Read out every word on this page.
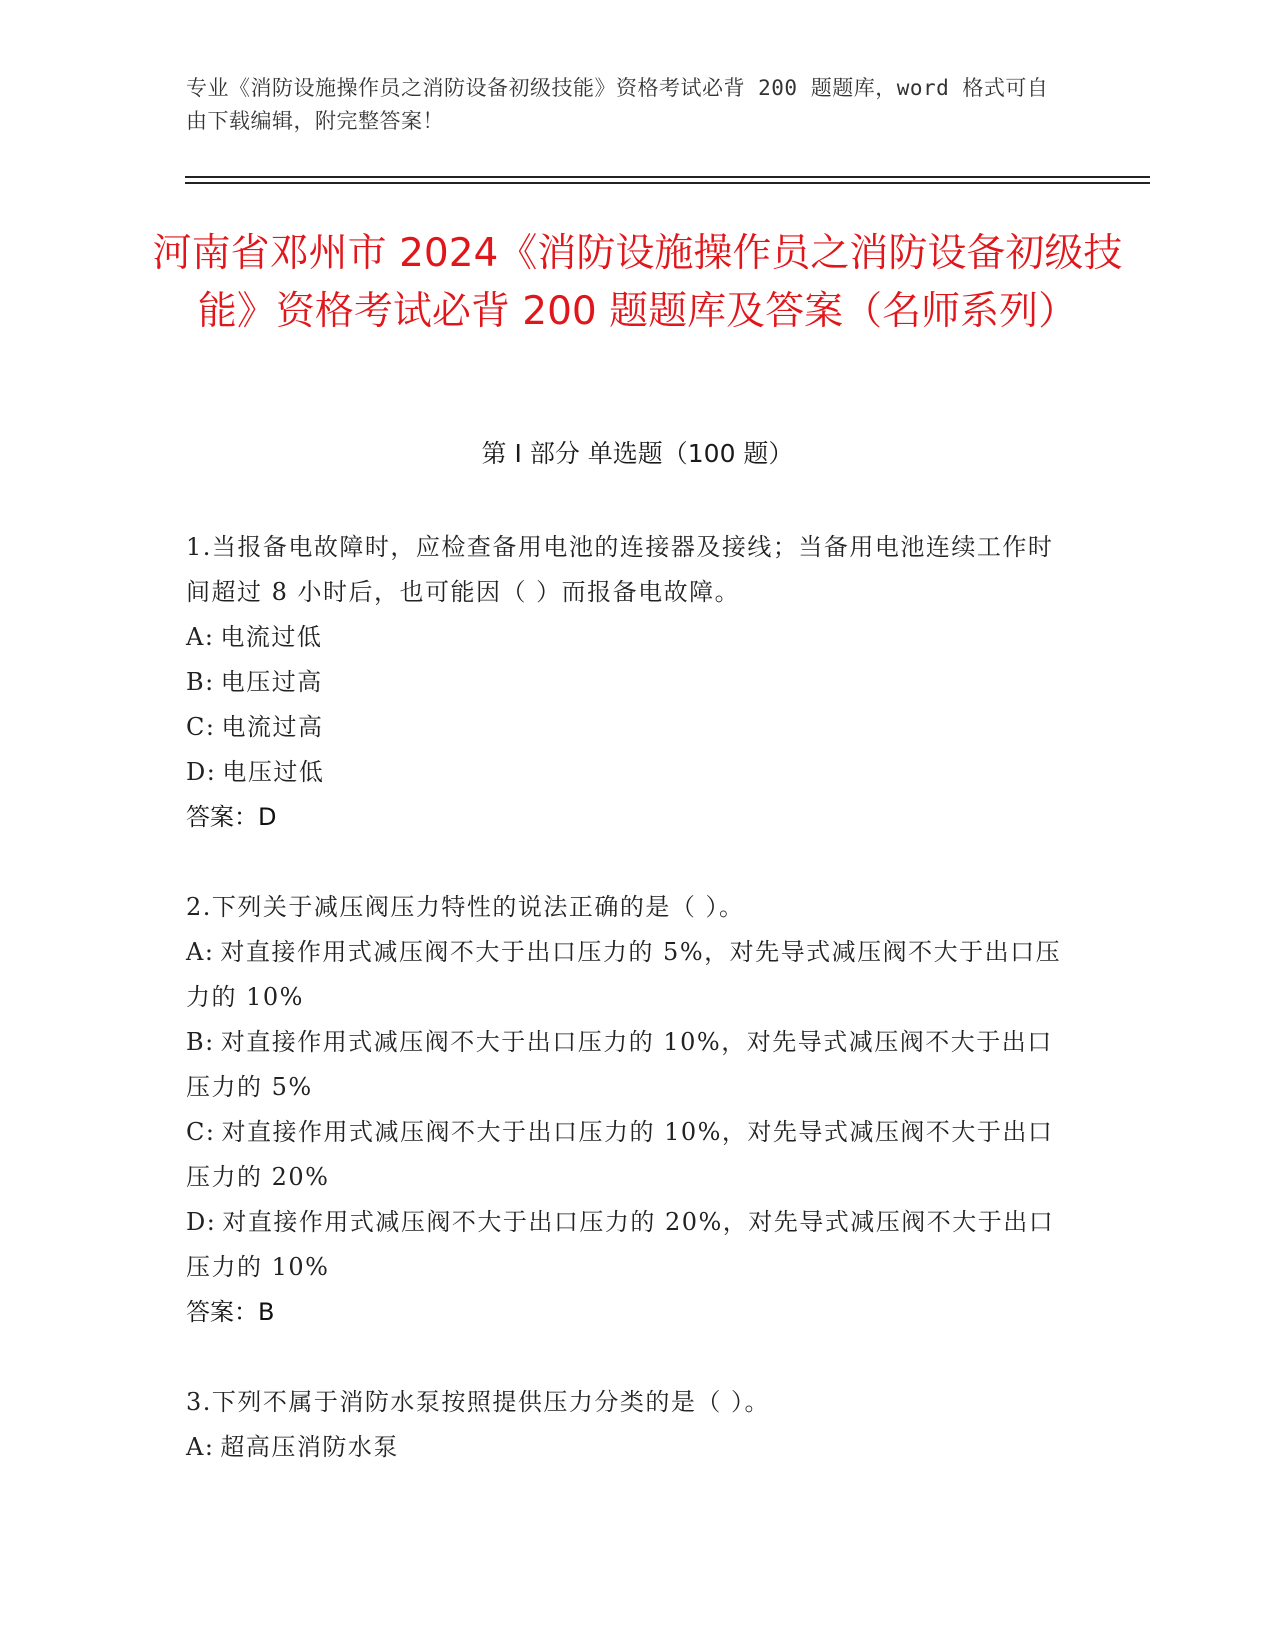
专业《消防设施操作员之消防设备初级技能》资格考试必背 200 题题库，word 格式可自由下载编辑，附完整答案！
河南省邓州市 2024《消防设施操作员之消防设备初级技能》资格考试必背 200 题题库及答案（名师系列）
第 I 部分 单选题（100 题）

1.当报备电故障时，应检查备用电池的连接器及接线；当备用电池连续工作时间超过 8 小时后，也可能因（ ）而报备电故障。

A: 电流过低

B: 电压过高

C: 电流过高

D: 电压过低

答案：D

2.下列关于减压阀压力特性的说法正确的是（ ）。

A: 对直接作用式减压阀不大于出口压力的 5%，对先导式减压阀不大于出口压力的 10%

B: 对直接作用式减压阀不大于出口压力的 10%，对先导式减压阀不大于出口压力的 5%

C: 对直接作用式减压阀不大于出口压力的 10%，对先导式减压阀不大于出口压力的 20%

D: 对直接作用式减压阀不大于出口压力的 20%，对先导式减压阀不大于出口压力的 10%

答案：B

3.下列不属于消防水泵按照提供压力分类的是（ ）。

A: 超高压消防水泵
